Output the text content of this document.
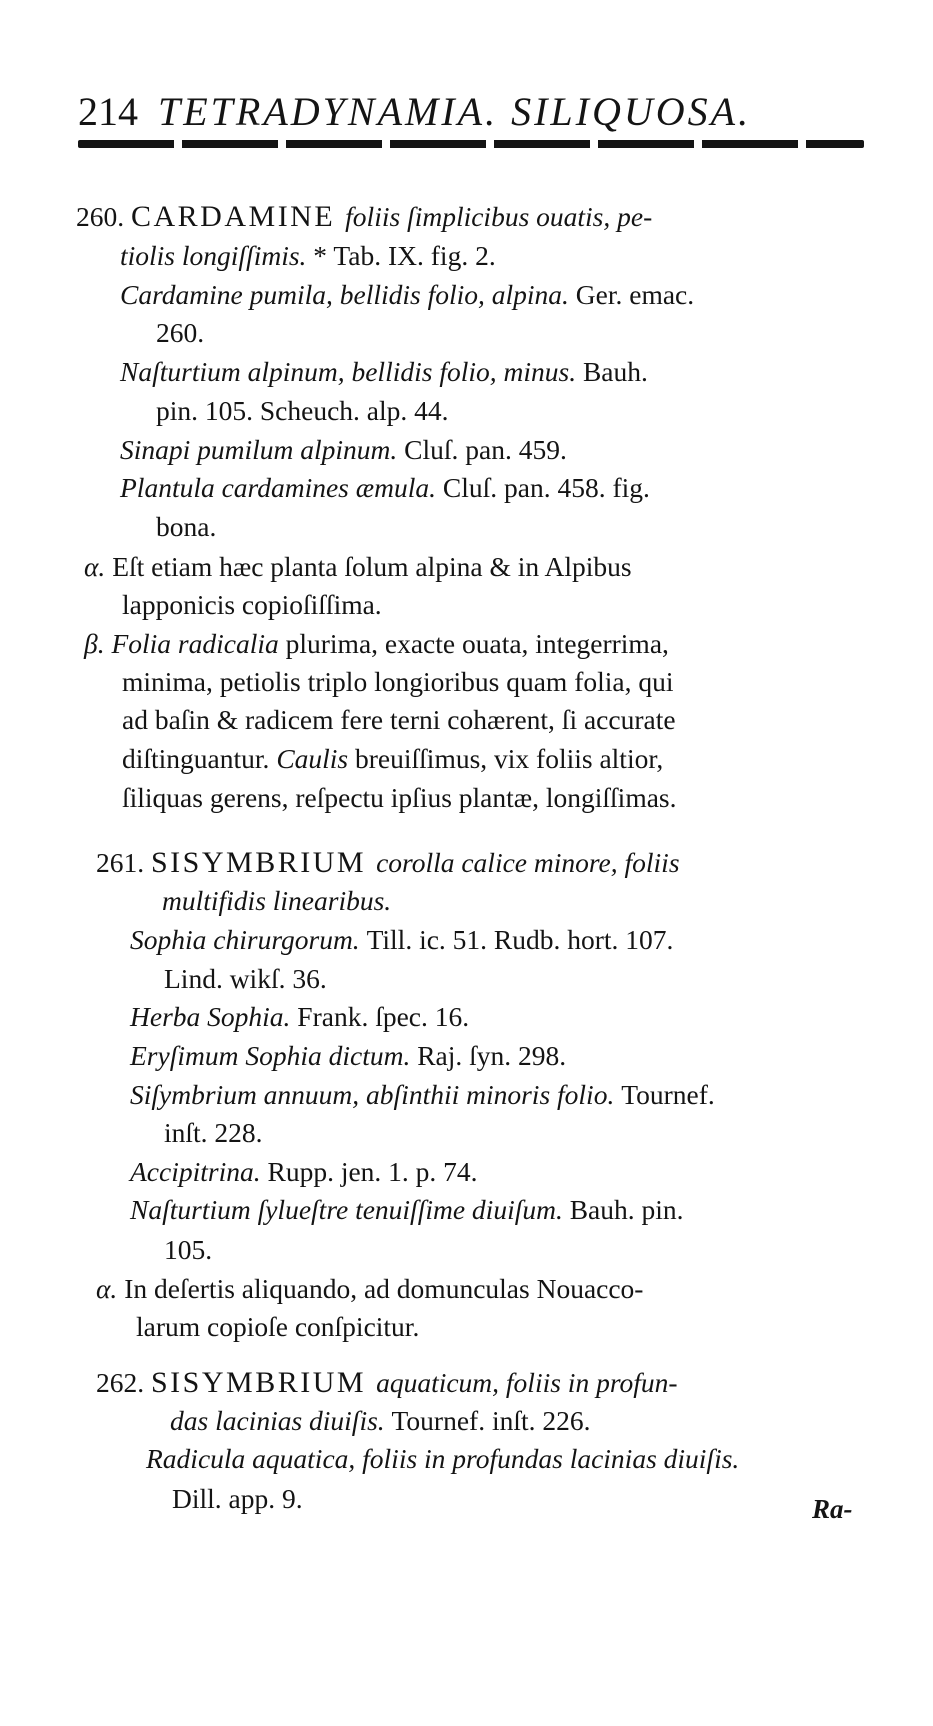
214 TETRADYNAMIA. SILIQUOSA.
260. CARDAMINE foliis ſimplicibus ouatis, pe-
tiolis longiſſimis. * Tab. IX. fig. 2.
Cardamine pumila, bellidis folio, alpina. Ger. emac.
260.
Naſturtium alpinum, bellidis folio, minus. Bauh.
pin. 105. Scheuch. alp. 44.
Sinapi pumilum alpinum. Cluſ. pan. 459.
Plantula cardamines æmula. Cluſ. pan. 458. fig.
bona.
α. Eſt etiam hæc planta ſolum alpina & in Alpibus
lapponicis copioſiſſima.
β. Folia radicalia plurima, exacte ouata, integerrima,
minima, petiolis triplo longioribus quam folia, qui
ad baſin & radicem fere terni cohærent, ſi accurate
diſtinguantur. Caulis breuiſſimus, vix foliis altior,
ſiliquas gerens, reſpectu ipſius plantæ, longiſſimas.
261. SISYMBRIUM corolla calice minore, foliis
multifidis linearibus.
Sophia chirurgorum. Till. ic. 51. Rudb. hort. 107.
Lind. wikſ. 36.
Herba Sophia. Frank. ſpec. 16.
Eryſimum Sophia dictum. Raj. ſyn. 298.
Siſymbrium annuum, abſinthii minoris folio. Tournef.
inſt. 228.
Accipitrina. Rupp. jen. 1. p. 74.
Naſturtium ſylueſtre tenuiſſime diuiſum. Bauh. pin.
105.
α. In deſertis aliquando, ad domunculas Nouacco-
larum copioſe conſpicitur.
262. SISYMBRIUM aquaticum, foliis in profun-
das lacinias diuiſis. Tournef. inſt. 226.
Radicula aquatica, foliis in profundas lacinias diuiſis.
Dill. app. 9.	Ra-
